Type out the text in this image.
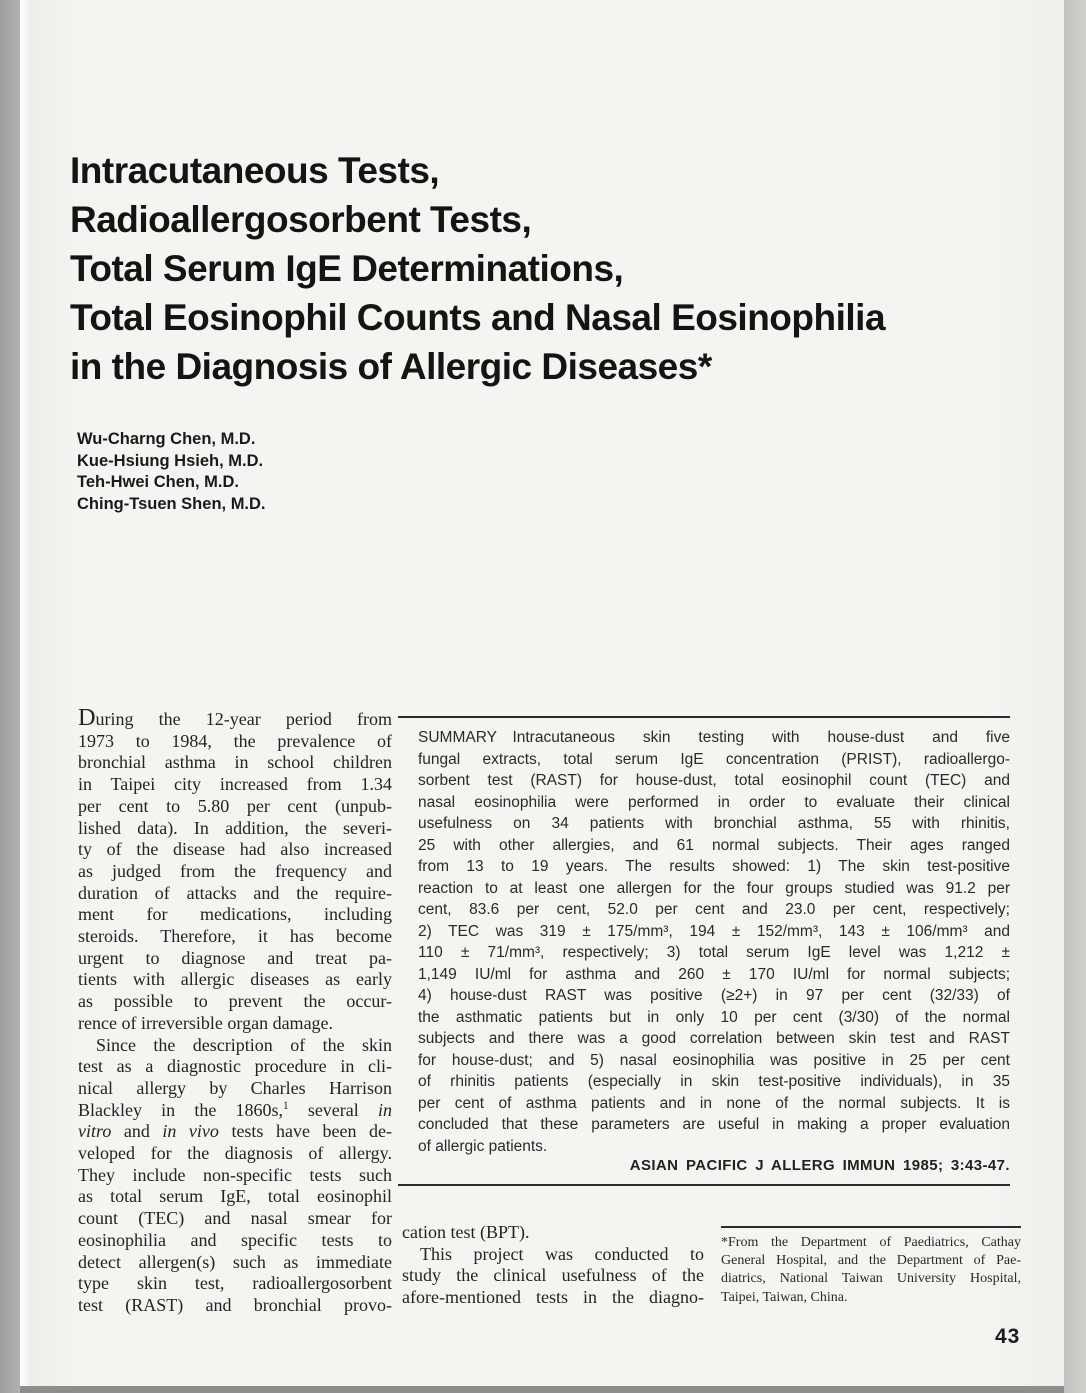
Intracutaneous Tests,
Radioallergosorbent Tests,
Total Serum IgE Determinations,
Total Eosinophil Counts and Nasal Eosinophilia
in the Diagnosis of Allergic Diseases*
Wu-Charng Chen, M.D.
Kue-Hsiung Hsieh, M.D.
Teh-Hwei Chen, M.D.
Ching-Tsuen Shen, M.D.
During the 12-year period from
1973 to 1984, the prevalence of
bronchial asthma in school children
in Taipei city increased from 1.34
per cent to 5.80 per cent (unpub-
lished data). In addition, the severi-
ty of the disease had also increased
as judged from the frequency and
duration of attacks and the require-
ment for medications, including
steroids. Therefore, it has become
urgent to diagnose and treat pa-
tients with allergic diseases as early
as possible to prevent the occur-
rence of irreversible organ damage.
 Since the description of the skin
test as a diagnostic procedure in cli-
nical allergy by Charles Harrison
Blackley in the 1860s,$^1$ several in
vitro and in vivo tests have been de-
veloped for the diagnosis of allergy.
They include non-specific tests such
as total serum IgE, total eosinophil
count (TEC) and nasal smear for
eosinophilia and specific tests to
detect allergen(s) such as immediate
type skin test, radioallergosorbent
test (RAST) and bronchial provo-
SUMMARY  Intracutaneous skin testing with house-dust and five
fungal extracts, total serum IgE concentration (PRIST), radioallergo-
sorbent test (RAST) for house-dust, total eosinophil count (TEC) and
nasal eosinophilia were performed in order to evaluate their clinical
usefulness on 34 patients with bronchial asthma, 55 with rhinitis,
25 with other allergies, and 61 normal subjects. Their ages ranged
from 13 to 19 years. The results showed: 1) The skin test-positive
reaction to at least one allergen for the four groups studied was 91.2 per
cent, 83.6 per cent, 52.0 per cent and 23.0 per cent, respectively;
2) TEC was 319 ± 175/mm³, 194 ± 152/mm³, 143 ± 106/mm³ and
110 ± 71/mm³, respectively; 3) total serum IgE level was 1,212 ±
1,149 IU/ml for asthma and 260 ± 170 IU/ml for normal subjects;
4) house-dust RAST was positive (≥2+) in 97 per cent (32/33) of
the asthmatic patients but in only 10 per cent (3/30) of the normal
subjects and there was a good correlation between skin test and RAST
for house-dust; and 5) nasal eosinophilia was positive in 25 per cent
of rhinitis patients (especially in skin test-positive individuals), in 35
per cent of asthma patients and in none of the normal subjects. It is
concluded that these parameters are useful in making a proper evaluation
of allergic patients.
ASIAN PACIFIC J ALLERG IMMUN 1985; 3:43-47.
cation test (BPT).
 This project was conducted to
study the clinical usefulness of the
afore-mentioned tests in the diagno-
*From the Department of Paediatrics, Cathay
General Hospital, and the Department of Pae-
diatrics, National Taiwan University Hospital,
Taipei, Taiwan, China.
43
